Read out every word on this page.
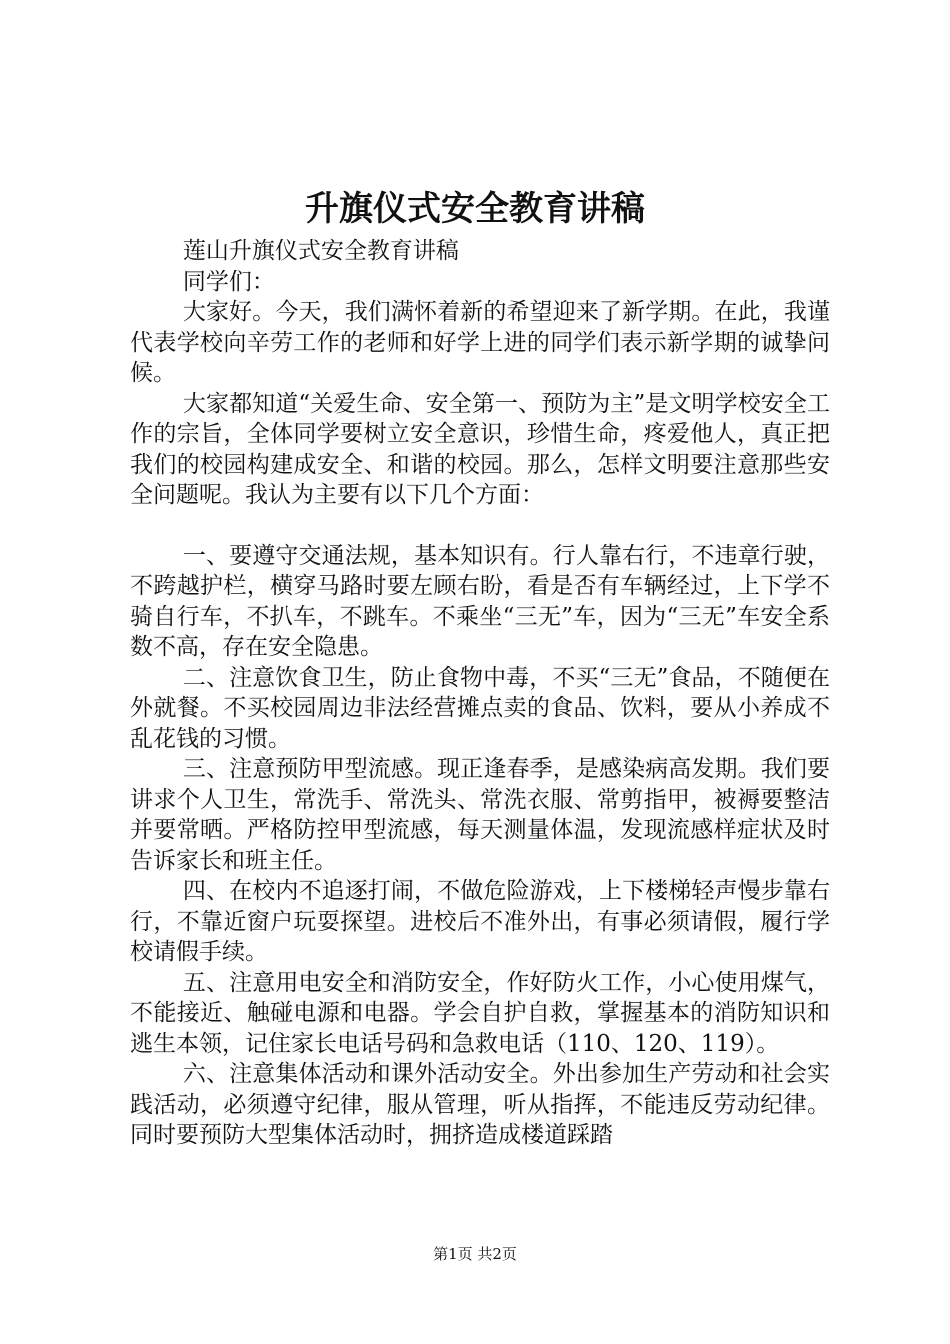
升旗仪式安全教育讲稿

莲山升旗仪式安全教育讲稿

同学们：

大家好。今天，我们满怀着新的希望迎来了新学期。在此，我谨代表学校向辛劳工作的老师和好学上进的同学们表示新学期的诚挚问候。

大家都知道“关爱生命、安全第一、预防为主”是文明学校安全工作的宗旨，全体同学要树立安全意识，珍惜生命，疼爱他人，真正把我们的校园构建成安全、和谐的校园。那么，怎样文明要注意那些安全问题呢。我认为主要有以下几个方面：

一、要遵守交通法规，基本知识有。行人靠右行，不违章行驶，不跨越护栏，横穿马路时要左顾右盼，看是否有车辆经过，上下学不骑自行车，不扒车，不跳车。不乘坐“三无”车，因为“三无”车安全系数不高，存在安全隐患。

二、注意饮食卫生，防止食物中毒，不买“三无”食品，不随便在外就餐。不买校园周边非法经营摊点卖的食品、饮料，要从小养成不乱花钱的习惯。

三、注意预防甲型流感。现正逢春季，是感染病高发期。我们要讲求个人卫生，常洗手、常洗头、常洗衣服、常剪指甲，被褥要整洁并要常晒。严格防控甲型流感，每天测量体温，发现流感样症状及时告诉家长和班主任。

四、在校内不追逐打闹，不做危险游戏，上下楼梯轻声慢步靠右行，不靠近窗户玩耍探望。进校后不准外出，有事必须请假，履行学校请假手续。

五、注意用电安全和消防安全，作好防火工作，小心使用煤气，不能接近、触碰电源和电器。学会自护自救，掌握基本的消防知识和逃生本领，记住家长电话号码和急救电话（110、120、119）。

六、注意集体活动和课外活动安全。外出参加生产劳动和社会实践活动，必须遵守纪律，服从管理，听从指挥，不能违反劳动纪律。同时要预防大型集体活动时，拥挤造成楼道踩踏

第1页 共2页
